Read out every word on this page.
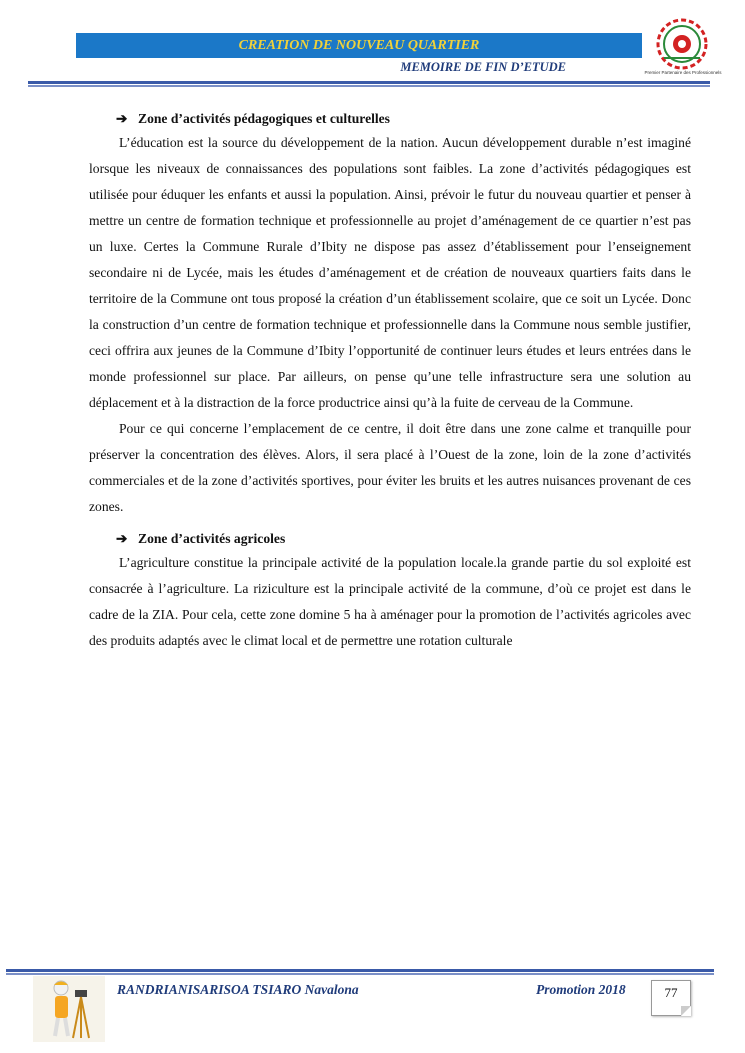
CREATION DE NOUVEAU QUARTIER
MEMOIRE DE FIN D’ETUDE	Premier Partenaire des Professionnels
➔ Zone d’activités pédagogiques et culturelles

L’éducation est la source du développement de la nation. Aucun développement durable n’est imaginé lorsque les niveaux de connaissances des populations sont faibles. La zone d’activités pédagogiques est utilisée pour éduquer les enfants et aussi la population. Ainsi, prévoir le futur du nouveau quartier et penser à mettre un centre de formation technique et professionnelle au projet d’aménagement de ce quartier n’est pas un luxe. Certes la Commune Rurale d’Ibity ne dispose pas assez d’établissement pour l’enseignement secondaire ni de Lycée, mais les études d’aménagement et de création de nouveaux quartiers faits dans le territoire de la Commune ont tous proposé la création d’un établissement scolaire, que ce soit un Lycée. Donc la construction d’un centre de formation technique et professionnelle dans la Commune nous semble justifier, ceci offrira aux jeunes de la Commune d’Ibity l’opportunité de continuer leurs études et leurs entrées dans le monde professionnel sur place. Par ailleurs, on pense qu’une telle infrastructure sera une solution au déplacement et à la distraction de la force productrice ainsi qu’à la fuite de cerveau de la Commune.

Pour ce qui concerne l’emplacement de ce centre, il doit être dans une zone calme et tranquille pour préserver la concentration des élèves. Alors, il sera placé à l’Ouest de la zone, loin de la zone d’activités commerciales et de la zone d’activités sportives, pour éviter les bruits et les autres nuisances provenant de ces zones.

➔ Zone d’activités agricoles

L’agriculture constitue la principale activité de la population locale.la grande partie du sol exploité est consacrée à l’agriculture. La riziculture est la principale activité de la commune, d’où ce projet est dans le cadre de la ZIA. Pour cela, cette zone domine 5 ha à aménager pour la promotion de l’activités agricoles avec des produits adaptés avec le climat local et de permettre une rotation culturale

RANDRIANISARISOA TSIARO Navalona	Promotion 2018	77
